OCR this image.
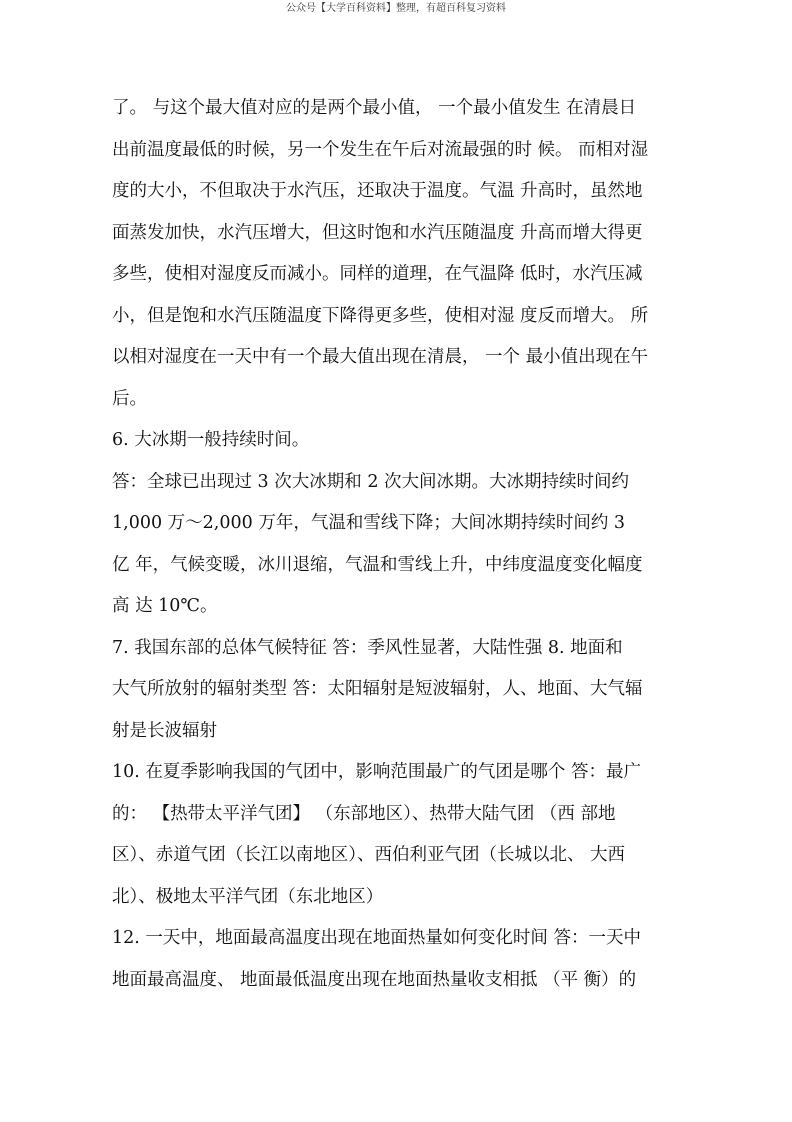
公众号【大学百科资料】整理，有超百科复习资料
了。 与这个最大值对应的是两个最小值， 一个最小值发生 在清晨日
出前温度最低的时候，另一个发生在午后对流最强的时 候。 而相对湿
度的大小，不但取决于水汽压，还取决于温度。气温 升高时，虽然地
面蒸发加快，水汽压增大，但这时饱和水汽压随温度 升高而增大得更
多些，使相对湿度反而减小。同样的道理，在气温降 低时，水汽压减
小，但是饱和水汽压随温度下降得更多些，使相对湿 度反而增大。 所
以相对湿度在一天中有一个最大值出现在清晨， 一个 最小值出现在午
后。
6. 大冰期一般持续时间。
答：全球已出现过 3 次大冰期和 2 次大间冰期。大冰期持续时间约
1,000 万～2,000 万年，气温和雪线下降；大间冰期持续时间约 3
亿 年，气候变暖，冰川退缩，气温和雪线上升，中纬度温度变化幅度
高 达 10℃。
7. 我国东部的总体气候特征 答：季风性显著，大陆性强 8. 地面和
大气所放射的辐射类型 答：太阳辐射是短波辐射，人、地面、大气辐
射是长波辐射
10. 在夏季影响我国的气团中，影响范围最广的气团是哪个 答：最广
的： 【热带太平洋气团】 （东部地区）、热带大陆气团 （西 部地
区）、赤道气团（长江以南地区）、西伯利亚气团（长城以北、 大西
北）、极地太平洋气团（东北地区）
12. 一天中，地面最高温度出现在地面热量如何变化时间 答：一天中
地面最高温度、 地面最低温度出现在地面热量收支相抵 （平 衡）的
